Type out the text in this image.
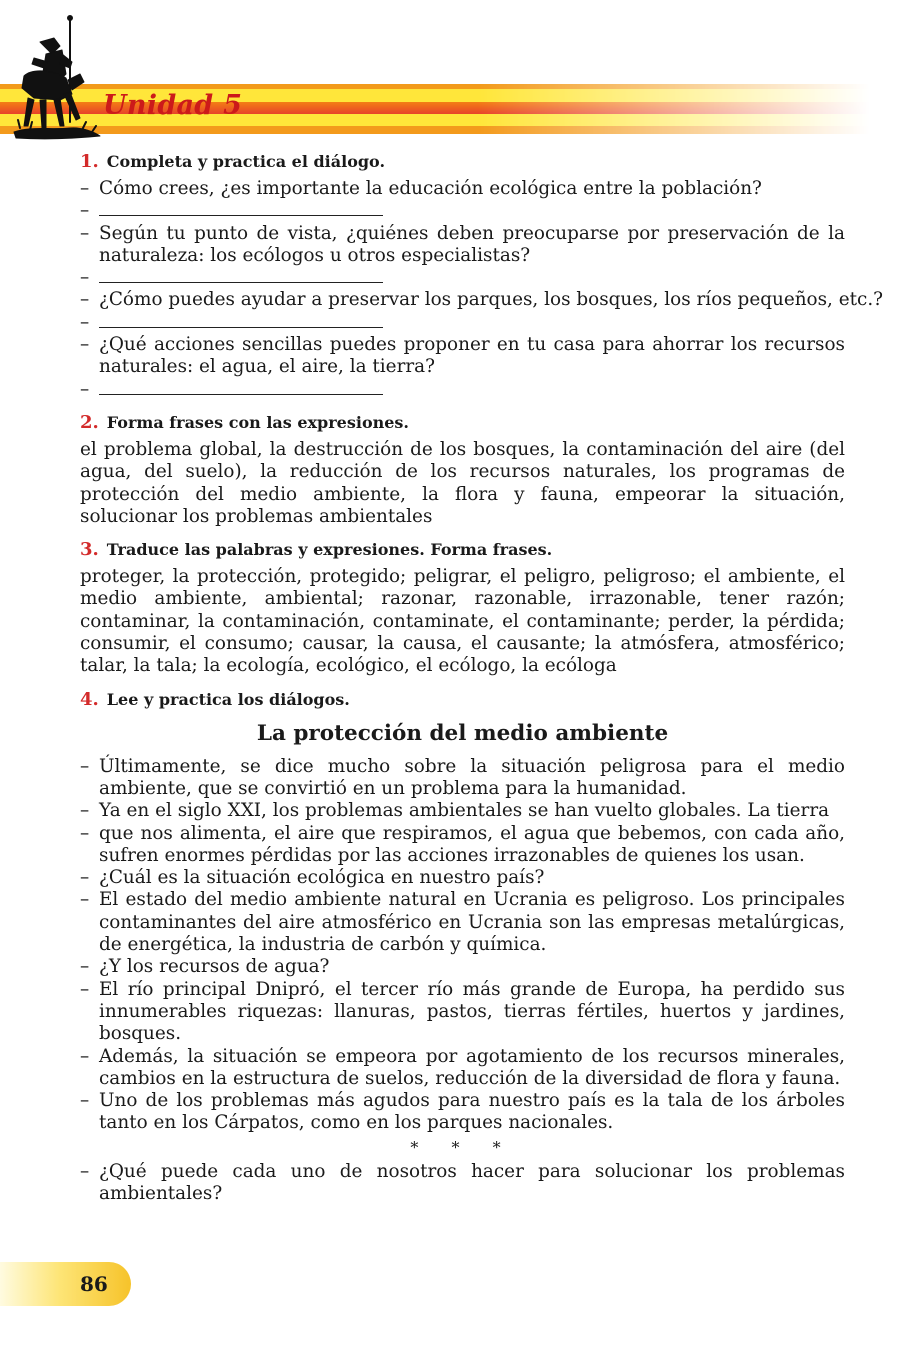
Unidad 5
1. Completa y practica el diálogo.
– Cómo crees, ¿es importante la educación ecológica entre la población?
–
– Según tu punto de vista, ¿quiénes deben preocuparse por preservación de la naturaleza: los ecólogos u otros especialistas?
–
– ¿Cómo puedes ayudar a preservar los parques, los bosques, los ríos pequeños, etc.?
–
– ¿Qué acciones sencillas puedes proponer en tu casa para ahorrar los recursos naturales: el agua, el aire, la tierra?
–
2. Forma frases con las expresiones.

el problema global, la destrucción de los bosques, la contaminación del aire (del agua, del suelo), la reducción de los recursos naturales, los programas de protección del medio ambiente, la flora y fauna, empeorar la situación, solucionar los problemas ambientales

3. Traduce las palabras y expresiones. Forma frases.

proteger, la protección, protegido; peligrar, el peligro, peligroso; el ambiente, el medio ambiente, ambiental; razonar, razonable, irrazonable, tener razón; contaminar, la contaminación, contaminate, el contaminante; perder, la pérdida; consumir, el consumo; causar, la causa, el causante; la atmósfera, atmosférico; talar, la tala; la ecología, ecológico, el ecólogo, la ecóloga

4. Lee y practica los diálogos.
La protección del medio ambiente
– Últimamente, se dice mucho sobre la situación peligrosa para el medio ambiente, que se convirtió en un problema para la humanidad.
– Ya en el siglo XXI, los problemas ambientales se han vuelto globales. La tierra
– que nos alimenta, el aire que respiramos, el agua que bebemos, con cada año, sufren enormes pérdidas por las acciones irrazonables de quienes los usan.
– ¿Cuál es la situación ecológica en nuestro país?
– El estado del medio ambiente natural en Ucrania es peligroso. Los principales contaminantes del aire atmosférico en Ucrania son las empresas metalúrgicas, de energética, la industria de carbón y química.
– ¿Y los recursos de agua?
– El río principal Dnipró, el tercer río más grande de Europa, ha perdido sus innumerables riquezas: llanuras, pastos, tierras fértiles, huertos y jardines, bosques.
– Además, la situación se empeora por agotamiento de los recursos minerales, cambios en la estructura de suelos, reducción de la diversidad de flora y fauna.
– Uno de los problemas más agudos para nuestro país es la tala de los árboles tanto en los Cárpatos, como en los parques nacionales.
* * *
– ¿Qué puede cada uno de nosotros hacer para solucionar los problemas ambientales?

86
